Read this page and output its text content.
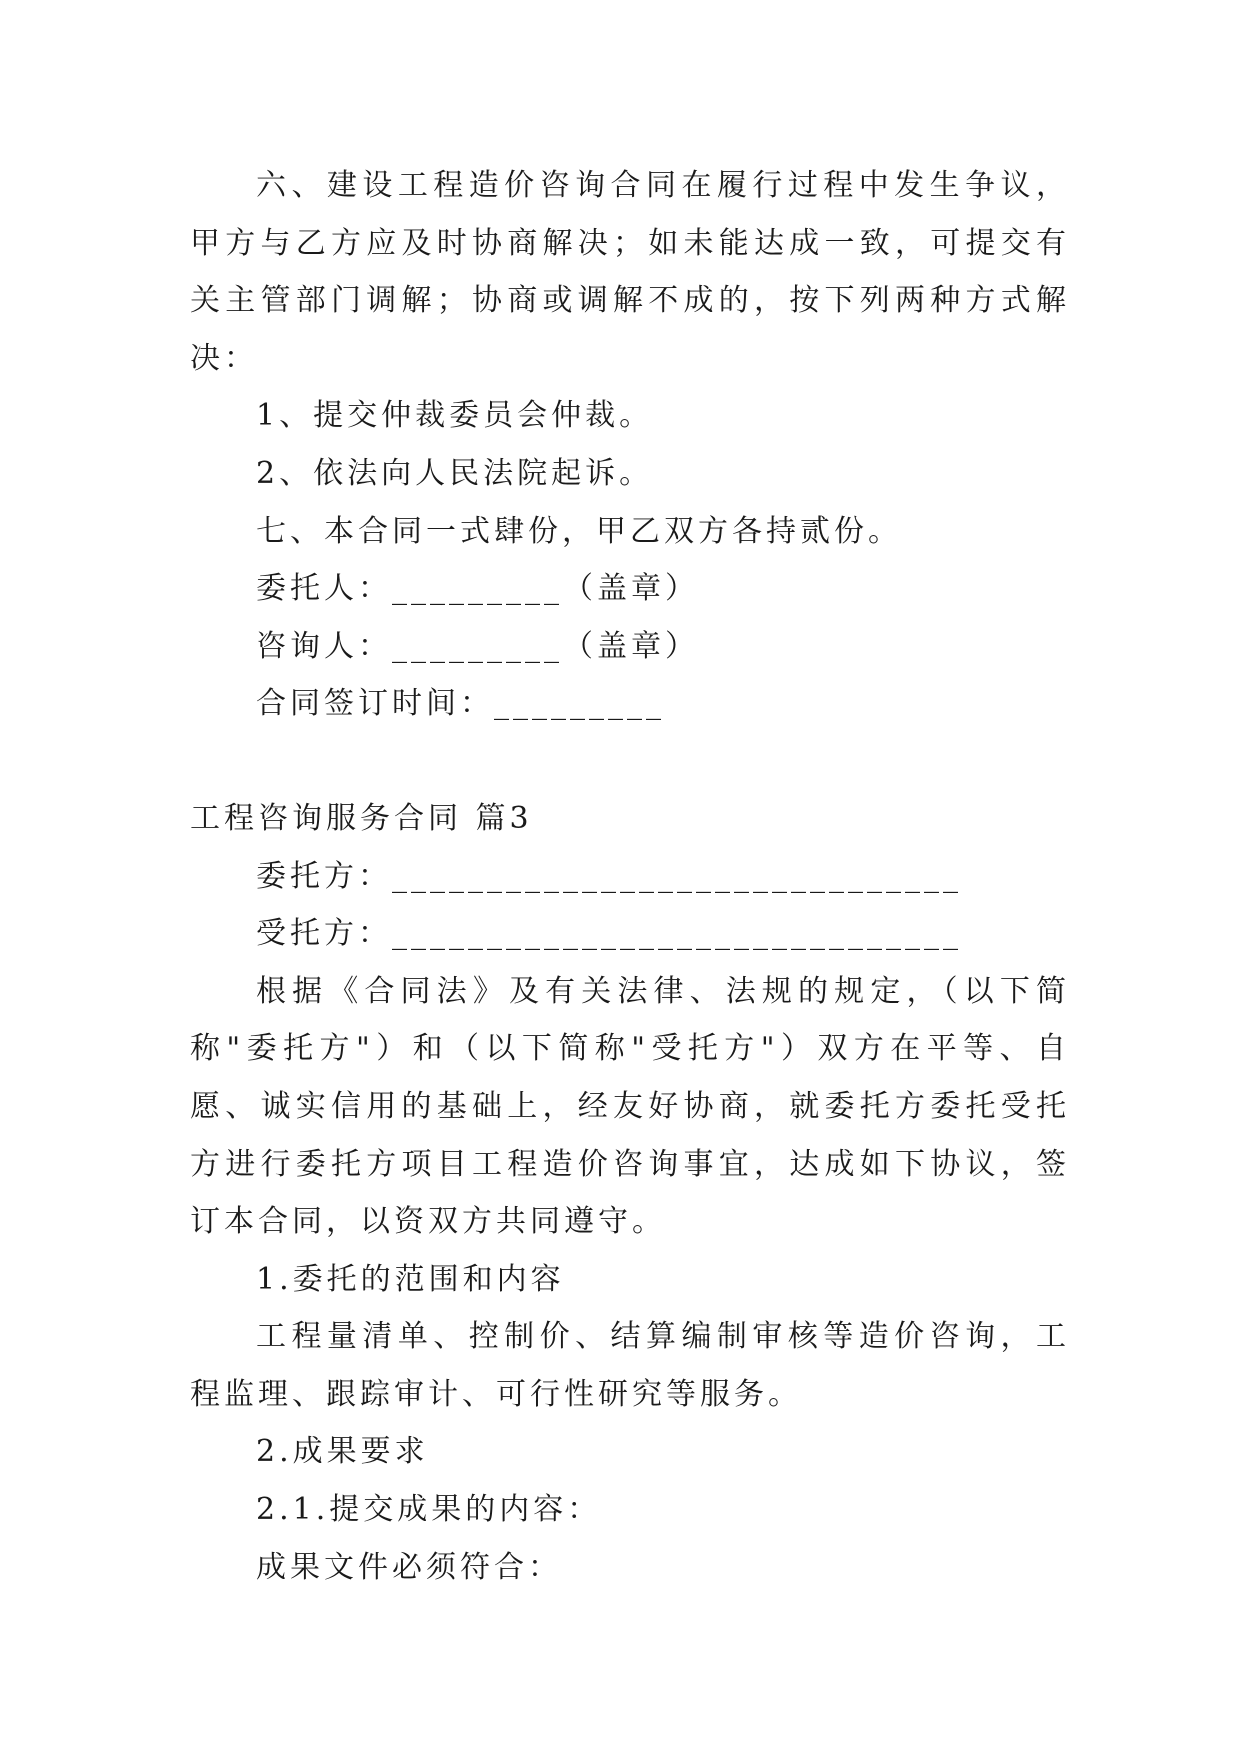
六、建设工程造价咨询合同在履行过程中发生争议，甲方与乙方应及时协商解决；如未能达成一致，可提交有关主管部门调解；协商或调解不成的，按下列两种方式解决：

1、提交仲裁委员会仲裁。

2、依法向人民法院起诉。

七、本合同一式肆份，甲乙双方各持贰份。

委托人：_________（盖章）

咨询人：_________（盖章）

合同签订时间：_________

工程咨询服务合同 篇3

委托方：______________________________

受托方：______________________________

根据《合同法》及有关法律、法规的规定，（以下简称"委托方"）和（以下简称"受托方"）双方在平等、自愿、诚实信用的基础上，经友好协商，就委托方委托受托方进行委托方项目工程造价咨询事宜，达成如下协议，签订本合同，以资双方共同遵守。

1.委托的范围和内容

工程量清单、控制价、结算编制审核等造价咨询，工程监理、跟踪审计、可行性研究等服务。

2.成果要求

2.1.提交成果的内容：

成果文件必须符合：
